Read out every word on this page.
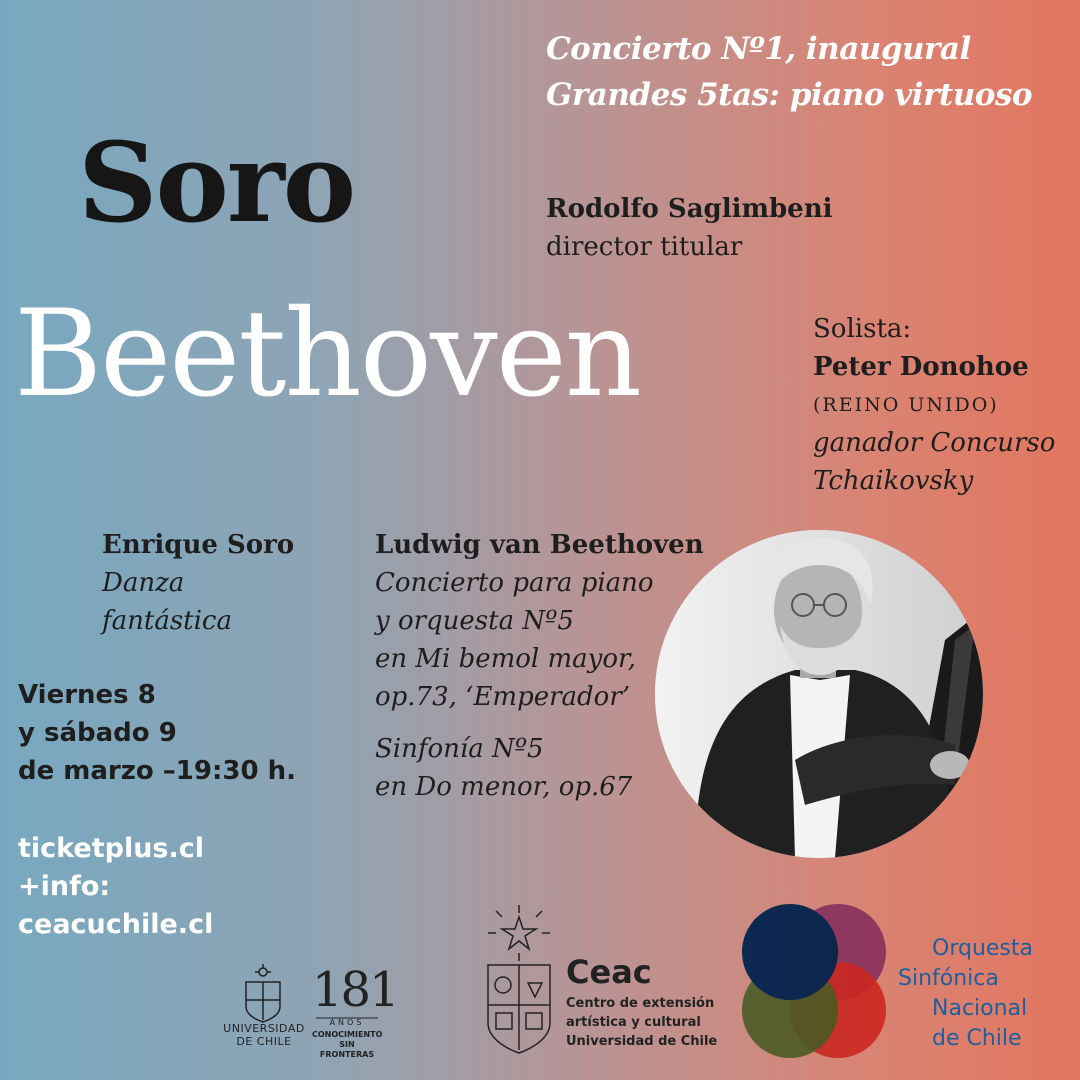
Concierto Nº1, inaugural
Grandes 5tas: piano virtuoso
Soro
Beethoven
Rodolfo Saglimbeni
director titular
Solista:
Peter Donohoe
(REINO UNIDO)
ganador Concurso
Tchaikovsky
Enrique Soro
Danza
fantástica
Ludwig van Beethoven
Concierto para piano
y orquesta Nº5
en Mi bemol mayor,
op.73, ‘Emperador’
Sinfonía Nº5
en Do menor, op.67
Viernes 8
y sábado 9
de marzo –19:30 h.
ticketplus.cl
+info:
ceacuchile.cl
UNIVERSIDAD
DE CHILE
181
AÑOS
CONOCIMIENTO
SIN FRONTERAS
Ceac
Centro de extensión
artística y cultural
Universidad de Chile
Orquesta
Sinfónica
Nacional
de Chile
